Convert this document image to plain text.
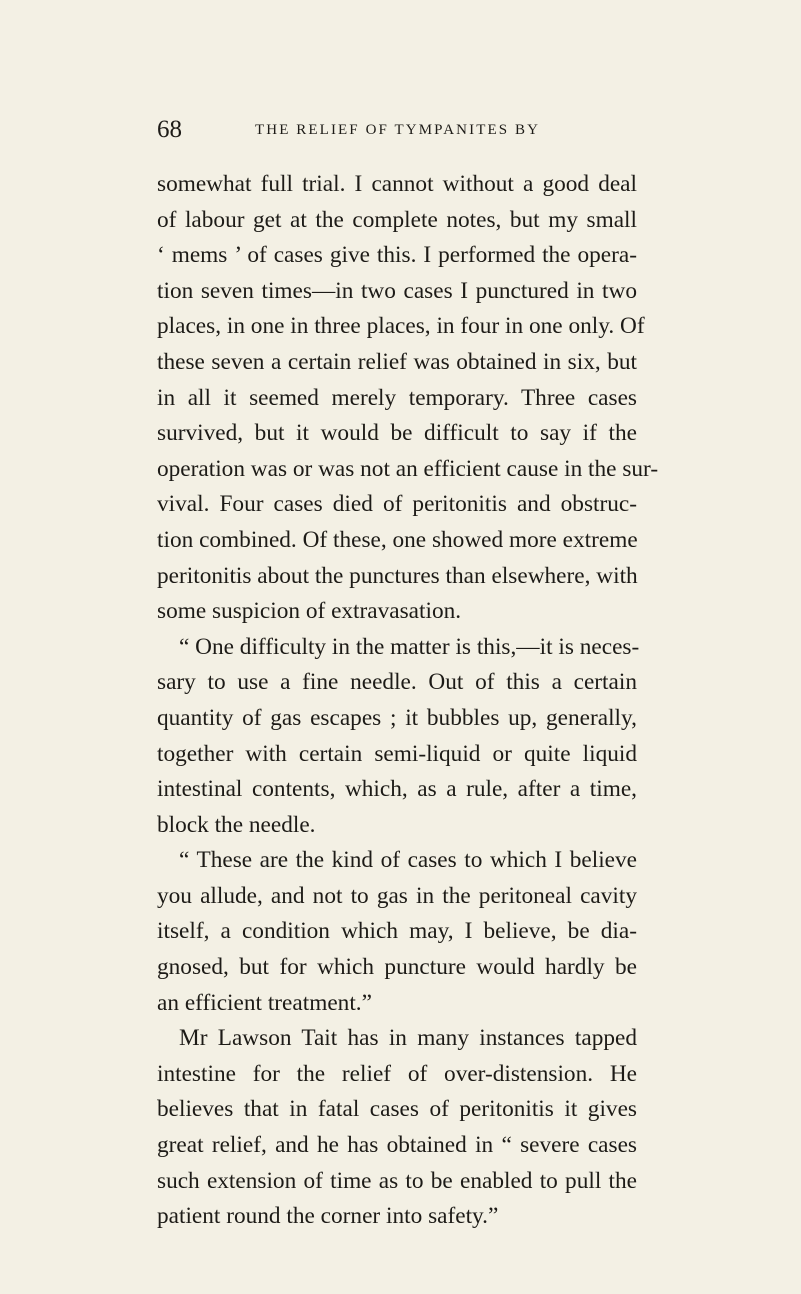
68	THE RELIEF OF TYMPANITES BY
somewhat full trial. I cannot without a good deal
of labour get at the complete notes, but my small
‘ mems ’ of cases give this. I performed the opera-
tion seven times—in two cases I punctured in two
places, in one in three places, in four in one only. Of
these seven a certain relief was obtained in six, but
in all it seemed merely temporary. Three cases
survived, but it would be difficult to say if the
operation was or was not an efficient cause in the sur-
vival. Four cases died of peritonitis and obstruc-
tion combined. Of these, one showed more extreme
peritonitis about the punctures than elsewhere, with
some suspicion of extravasation.
“ One difficulty in the matter is this,—it is neces-
sary to use a fine needle. Out of this a certain
quantity of gas escapes ; it bubbles up, generally,
together with certain semi-liquid or quite liquid
intestinal contents, which, as a rule, after a time,
block the needle.
“ These are the kind of cases to which I believe
you allude, and not to gas in the peritoneal cavity
itself, a condition which may, I believe, be dia-
gnosed, but for which puncture would hardly be
an efficient treatment.”
Mr Lawson Tait has in many instances tapped
intestine for the relief of over-distension. He
believes that in fatal cases of peritonitis it gives
great relief, and he has obtained in “ severe cases
such extension of time as to be enabled to pull the
patient round the corner into safety.”
